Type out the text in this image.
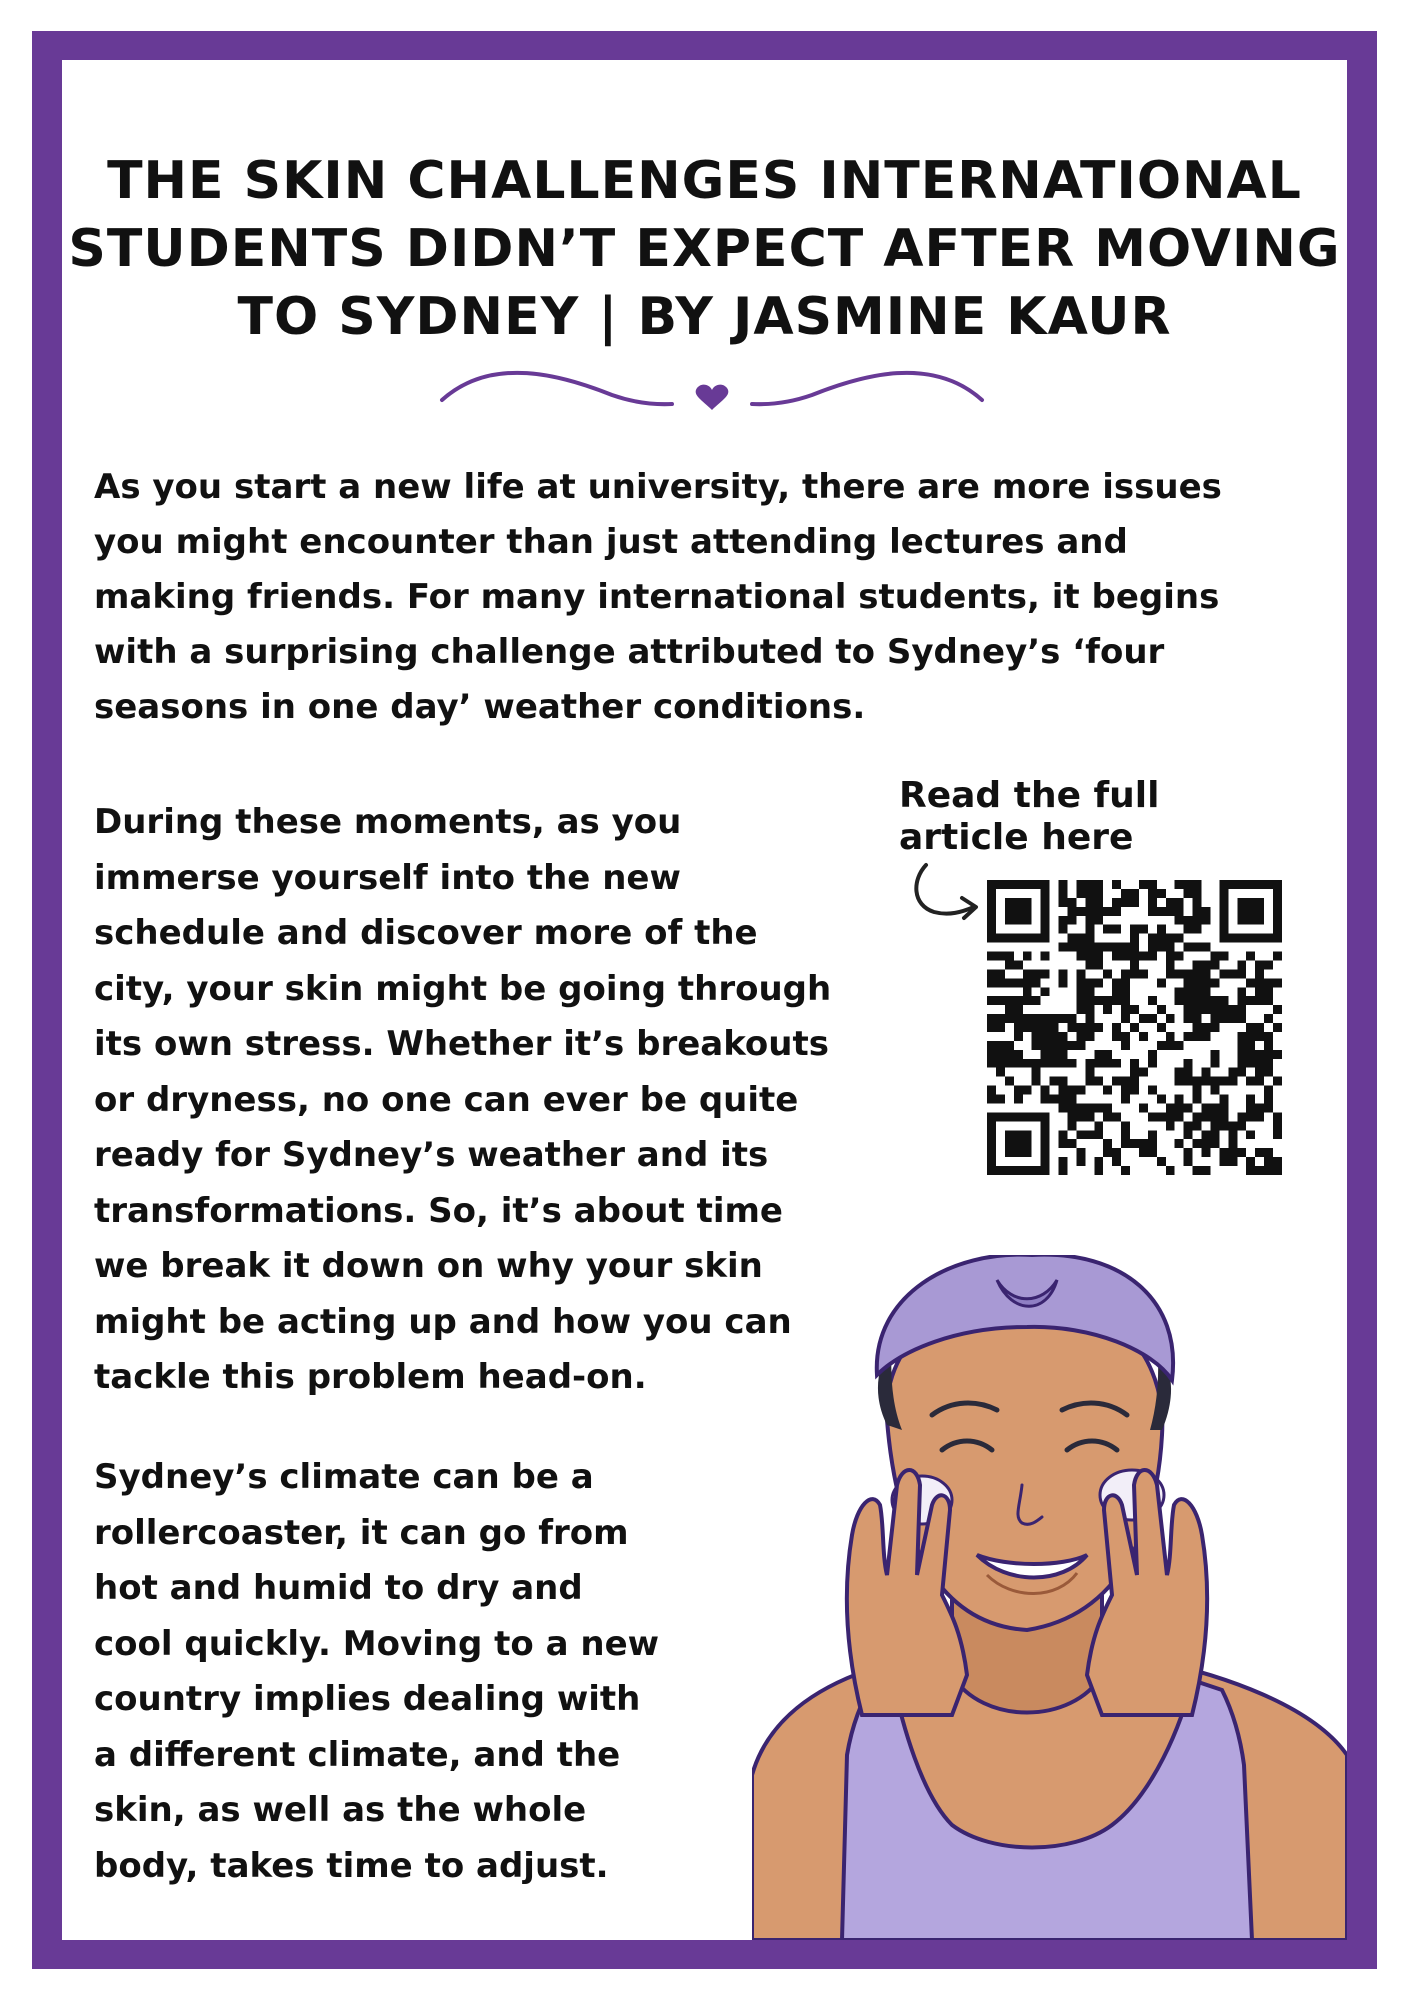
THE SKIN CHALLENGES INTERNATIONAL
STUDENTS DIDN’T EXPECT AFTER MOVING
TO SYDNEY | BY JASMINE KAUR
As you start a new life at university, there are more issues
you might encounter than just attending lectures and
making friends. For many international students, it begins
with a surprising challenge attributed to Sydney’s ‘four
seasons in one day’ weather conditions.
During these moments, as you
immerse yourself into the new
schedule and discover more of the
city, your skin might be going through
its own stress. Whether it’s breakouts
or dryness, no one can ever be quite
ready for Sydney’s weather and its
transformations. So, it’s about time
we break it down on why your skin
might be acting up and how you can
tackle this problem head-on.
Read the full
article here
Sydney’s climate can be a
rollercoaster, it can go from
hot and humid to dry and
cool quickly. Moving to a new
country implies dealing with
a different climate, and the
skin, as well as the whole
body, takes time to adjust.
